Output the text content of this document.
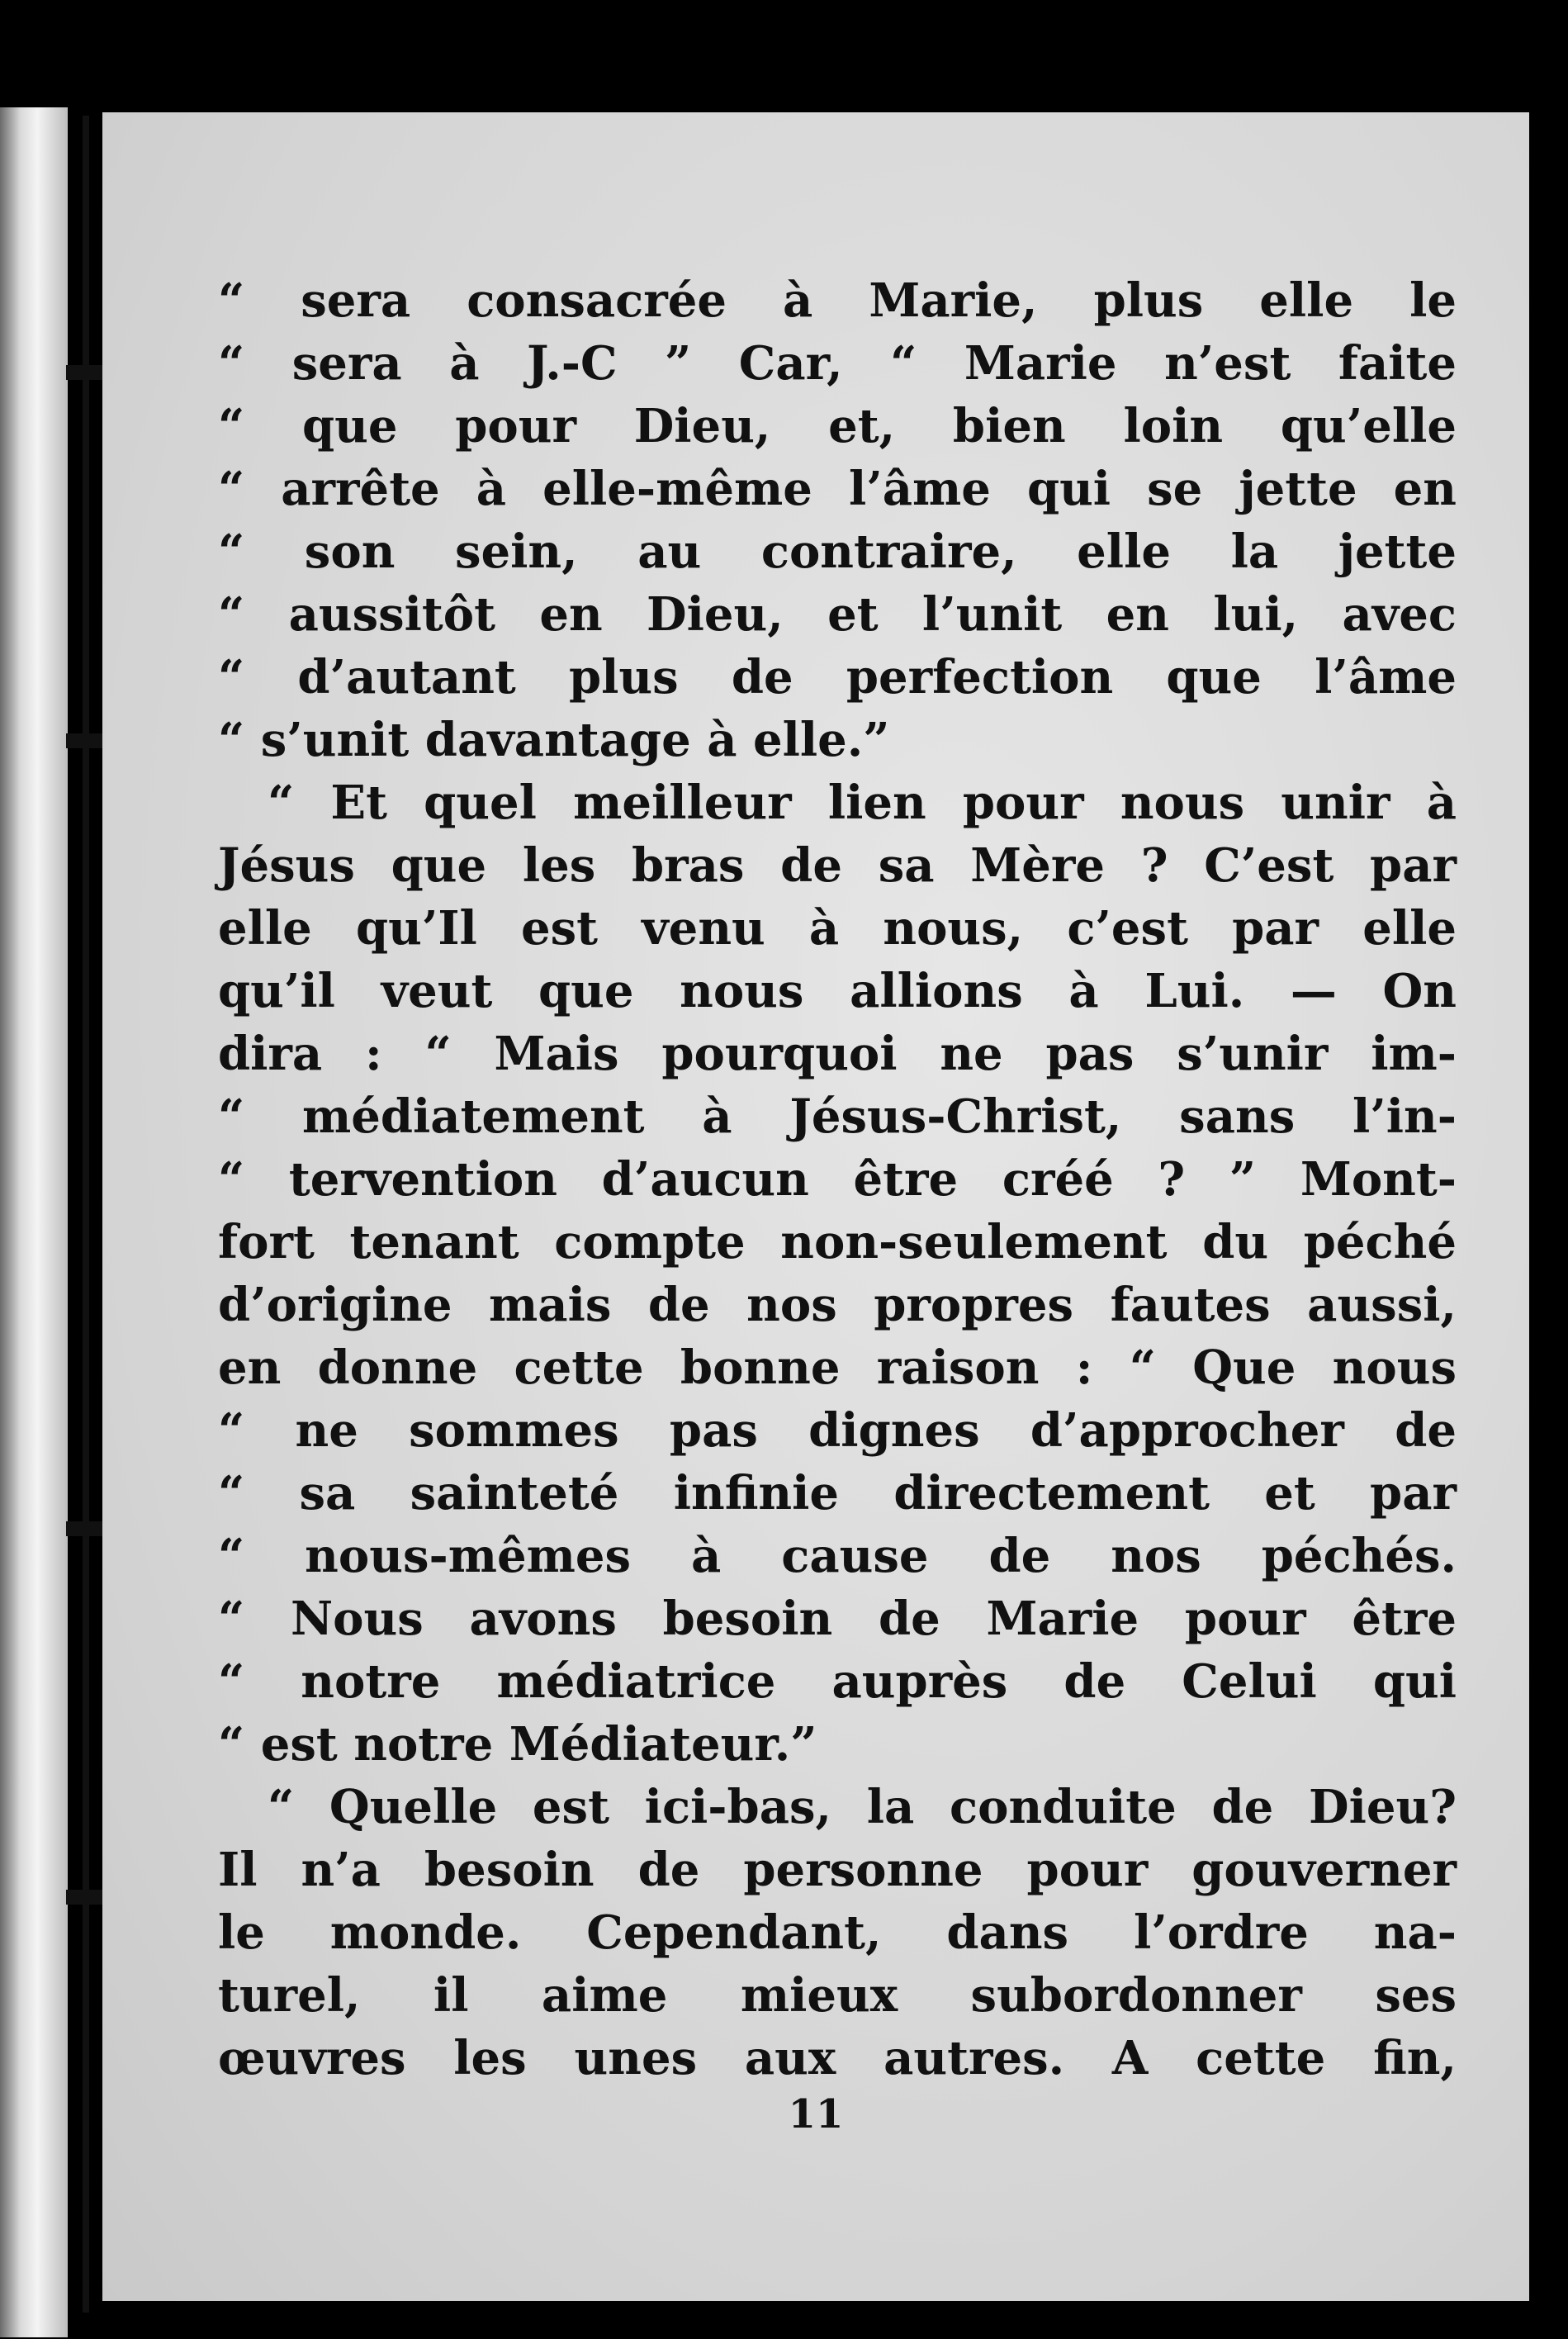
“ sera consacrée à Marie, plus elle le
“ sera à J.-C ” Car, “ Marie n’est faite
“ que pour Dieu, et, bien loin qu’elle
“ arrête à elle-même l’âme qui se jette en
“ son sein, au contraire, elle la jette
“ aussitôt en Dieu, et l’unit en lui, avec
“ d’autant plus de perfection que l’âme
“ s’unit davantage à elle.”
“ Et quel meilleur lien pour nous unir à
Jésus que les bras de sa Mère ? C’est par
elle qu’Il est venu à nous, c’est par elle
qu’il veut que nous allions à Lui. — On
dira : “ Mais pourquoi ne pas s’unir im-
“ médiatement à Jésus-Christ, sans l’in-
“ tervention d’aucun être créé ? ” Mont-
fort tenant compte non-seulement du péché
d’origine mais de nos propres fautes aussi,
en donne cette bonne raison : “ Que nous
“ ne sommes pas dignes d’approcher de
“ sa sainteté infinie directement et par
“ nous-mêmes à cause de nos péchés.
“ Nous avons besoin de Marie pour être
“ notre médiatrice auprès de Celui qui
“ est notre Médiateur.”
“ Quelle est ici-bas, la conduite de Dieu?
Il n’a besoin de personne pour gouverner
le monde. Cependant, dans l’ordre na-
turel, il aime mieux subordonner ses
œuvres les unes aux autres. A cette fin,
11
